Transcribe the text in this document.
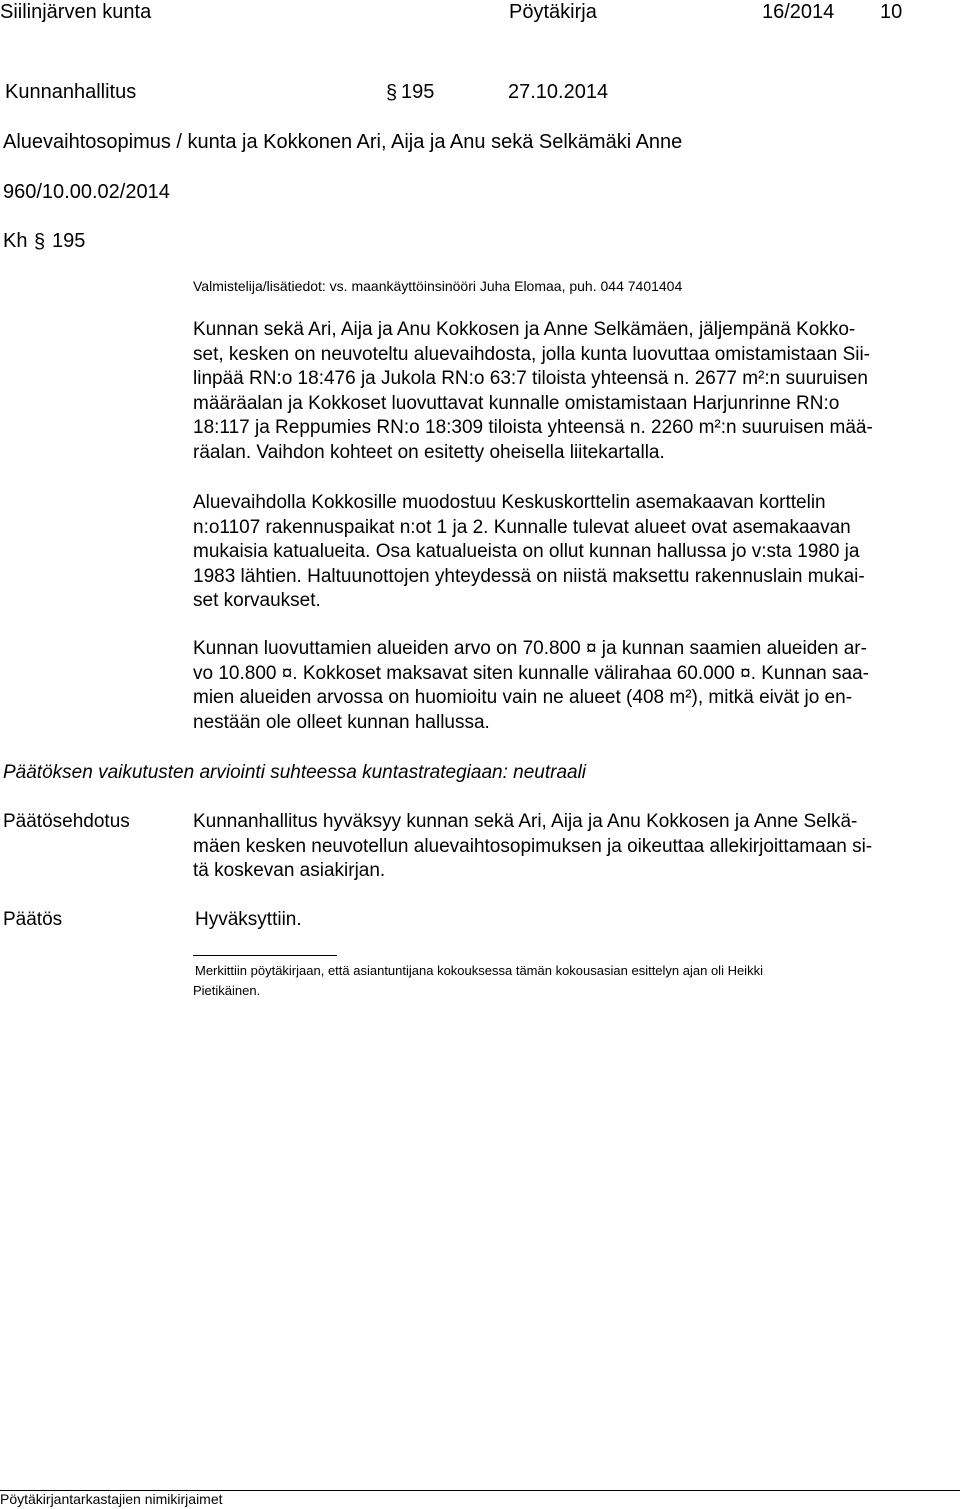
Siilinjärven kunta	Pöytäkirja	16/2014 10
Kunnanhallitus	§ 195	27.10.2014
Aluevaihtosopimus / kunta ja Kokkonen Ari, Aija ja Anu sekä Selkämäki Anne
960/10.00.02/2014
Kh § 195
Valmistelija/lisätiedot: vs. maankäyttöinsinööri Juha Elomaa, puh. 044 7401404
Kunnan sekä Ari, Aija ja Anu Kokkosen ja Anne Selkämäen, jäljempänä Kokko-
set, kesken on neuvoteltu aluevaihdosta, jolla kunta luovuttaa omistamistaan Sii-
linpää RN:o 18:476 ja Jukola RN:o 63:7 tiloista yhteensä n. 2677 m²:n suuruisen
määräalan ja Kokkoset luovuttavat kunnalle omistamistaan Harjunrinne RN:o
18:117 ja Reppumies RN:o 18:309 tiloista yhteensä n. 2260 m²:n suuruisen mää-
räalan. Vaihdon kohteet on esitetty oheisella liitekartalla.
Aluevaihdolla Kokkosille muodostuu Keskuskorttelin asemakaavan korttelin
n:o1107 rakennuspaikat n:ot 1 ja 2. Kunnalle tulevat alueet ovat asemakaavan
mukaisia katualueita. Osa katualueista on ollut kunnan hallussa jo v:sta 1980 ja
1983 lähtien. Haltuunottojen yhteydessä on niistä maksettu rakennuslain mukai-
set korvaukset.
Kunnan luovuttamien alueiden arvo on 70.800 ¤ ja kunnan saamien alueiden ar-
vo 10.800 ¤. Kokkoset maksavat siten kunnalle välirahaa 60.000 ¤. Kunnan saa-
mien alueiden arvossa on huomioitu vain ne alueet (408 m²), mitkä eivät jo en-
nestään ole olleet kunnan hallussa.
Päätöksen vaikutusten arviointi suhteessa kuntastrategiaan: neutraali
Päätösehdotus	Kunnanhallitus hyväksyy kunnan sekä Ari, Aija ja Anu Kokkosen ja Anne Selkä-
mäen kesken neuvotellun aluevaihtosopimuksen ja oikeuttaa allekirjoittamaan si-
tä koskevan asiakirjan.
Päätös	Hyväksyttiin.
Merkittiin pöytäkirjaan, että asiantuntijana kokouksessa tämän kokousasian esittelyn ajan oli Heikki
Pietikäinen.
Pöytäkirjantarkastajien nimikirjaimet
